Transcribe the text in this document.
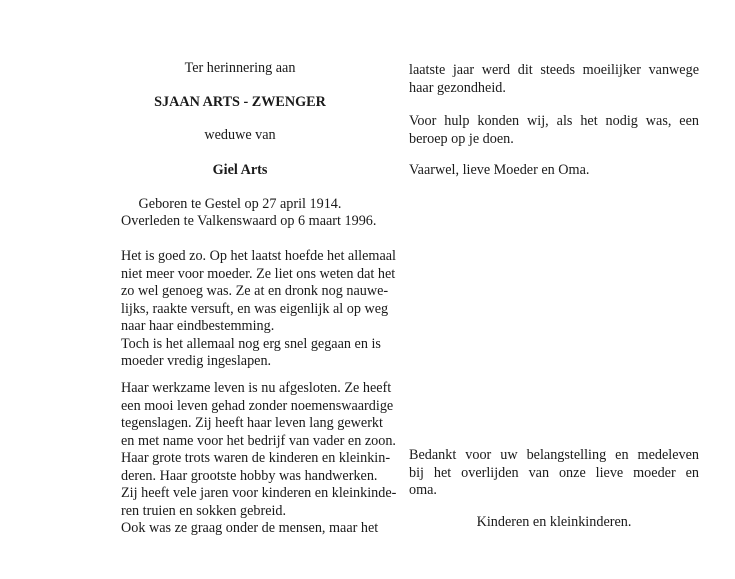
Ter herinnering aan
SJAAN ARTS - ZWENGER
weduwe van
Giel Arts
Geboren te Gestel op 27 april 1914.
Overleden te Valkenswaard op 6 maart 1996.
Het is goed zo. Op het laatst hoefde het allemaal
niet meer voor moeder. Ze liet ons weten dat het
zo wel genoeg was. Ze at en dronk nog nauwe-
lijks, raakte versuft, en was eigenlijk al op weg
naar haar eindbestemming.
Toch is het allemaal nog erg snel gegaan en is
moeder vredig ingeslapen.
Haar werkzame leven is nu afgesloten. Ze heeft
een mooi leven gehad zonder noemenswaardige
tegenslagen. Zij heeft haar leven lang gewerkt
en met name voor het bedrijf van vader en zoon.
Haar grote trots waren de kinderen en kleinkin-
deren. Haar grootste hobby was handwerken.
Zij heeft vele jaren voor kinderen en kleinkinde-
ren truien en sokken gebreid.
Ook was ze graag onder de mensen, maar het
laatste jaar werd dit steeds moeilijker vanwege
haar gezondheid.
Voor hulp konden wij, als het nodig was, een
beroep op je doen.
Vaarwel, lieve Moeder en Oma.
Bedankt voor uw belangstelling en medeleven
bij het overlijden van onze lieve moeder en
oma.
Kinderen en kleinkinderen.
